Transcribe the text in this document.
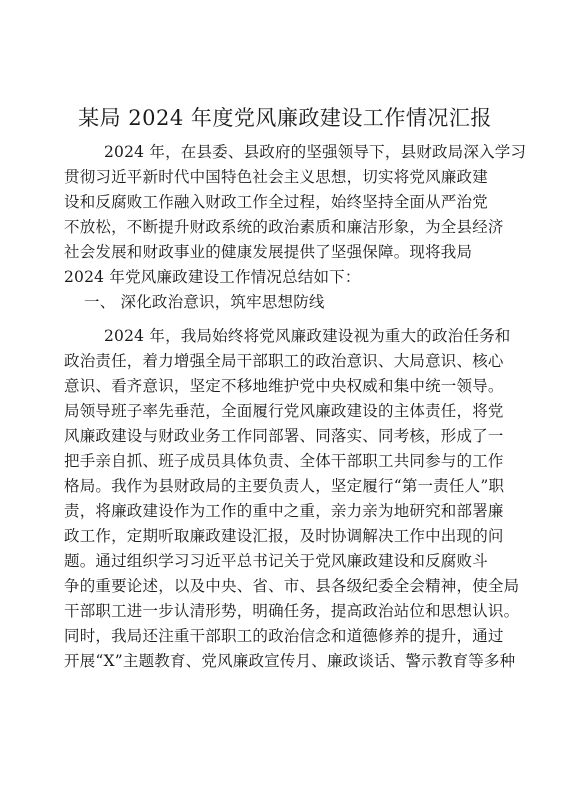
某局 2024 年度党风廉政建设工作情况汇报
2024 年，在县委、县政府的坚强领导下，县财政局深入学习
贯彻习近平新时代中国特色社会主义思想，切实将党风廉政建
设和反腐败工作融入财政工作全过程，始终坚持全面从严治党
不放松，不断提升财政系统的政治素质和廉洁形象，为全县经济
社会发展和财政事业的健康发展提供了坚强保障。现将我局
2024 年党风廉政建设工作情况总结如下：
一、 深化政治意识，筑牢思想防线
2024 年，我局始终将党风廉政建设视为重大的政治任务和
政治责任，着力增强全局干部职工的政治意识、大局意识、核心
意识、看齐意识，坚定不移地维护党中央权威和集中统一领导。
局领导班子率先垂范，全面履行党风廉政建设的主体责任，将党
风廉政建设与财政业务工作同部署、同落实、同考核，形成了一
把手亲自抓、班子成员具体负责、全体干部职工共同参与的工作
格局。我作为县财政局的主要负责人，坚定履行“第一责任人”职
责，将廉政建设作为工作的重中之重，亲力亲为地研究和部署廉
政工作，定期听取廉政建设汇报，及时协调解决工作中出现的问
题。通过组织学习习近平总书记关于党风廉政建设和反腐败斗
争的重要论述，以及中央、省、市、县各级纪委全会精神，使全局
干部职工进一步认清形势，明确任务，提高政治站位和思想认识。
同时，我局还注重干部职工的政治信念和道德修养的提升，通过
开展“X”主题教育、党风廉政宣传月、廉政谈话、警示教育等多种
